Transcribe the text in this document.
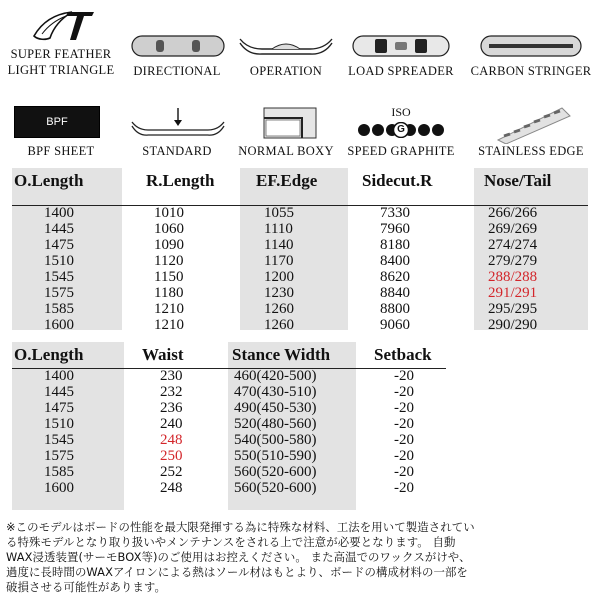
SUPER FEATHER
LIGHT TRIANGLE	DIRECTIONAL	OPERATION	LOAD SPREADER	CARBON STRINGER
BPF
BPF SHEET	STANDARD	NORMAL BOXY
ISO
G
SPEED GRAPHITE	STAINLESS EDGE
O.Length	R.Length	EF.Edge	Sidecut.R	Nose/Tail

1400	1010	1055	7330	266/266
1445	1060	1110	7960	269/269
1475	1090	1140	8180	274/274
1510	1120	1170	8400	279/279
1545	1150	1200	8620	288/288
1575	1180	1230	8840	291/291
1585	1210	1260	8800	295/295
1600	1210	1260	9060	290/290
O.Length	Waist	Stance Width	Setback
1400	230	460(420-500)	-20
1445	232	470(430-510)	-20
1475	236	490(450-530)	-20
1510	240	520(480-560)	-20
1545	248	540(500-580)	-20
1575	250	550(510-590)	-20
1585	252	560(520-600)	-20
1600	248	560(520-600)	-20
※このモデルはボードの性能を最大限発揮する為に特殊な材料、工法を用いて製造されてい
る特殊モデルとなり取り扱いやメンテナンスをされる上で注意が必要となります。 自動
WAX浸透装置(サーモBOX等)のご使用はお控えください。 また高温でのワックスがけや、
過度に長時間のWAXアイロンによる熱はソール材はもとより、ボードの構成材料の一部を
破損させる可能性があります。
